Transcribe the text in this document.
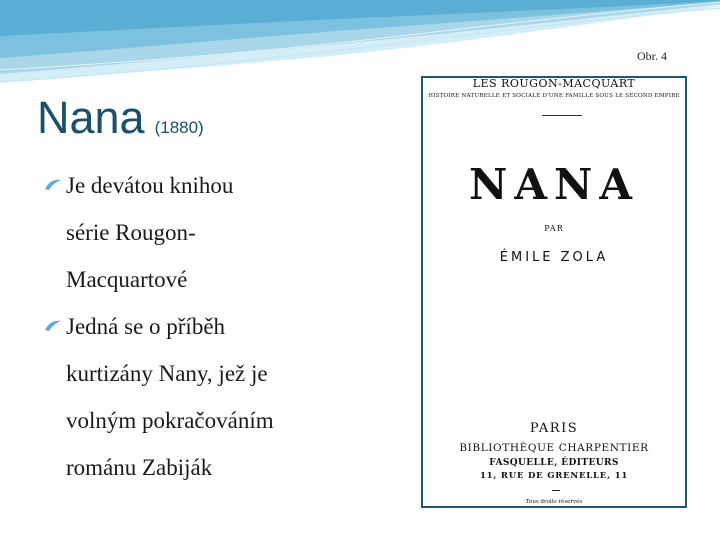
Obr. 4
Nana (1880)
Je devátou knihou
série Rougon-
Macquartové
Jedná se o příběh
kurtizány Nany, jež je
volným pokračováním
románu Zabiják
LES ROUGON-MACQUART
HISTOIRE NATURELLE ET SOCIALE D'UNE FAMILLE SOUS LE SECOND EMPIRE
NANA
PAR
ÉMILE ZOLA
PARIS
BIBLIOTHÈQUE CHARPENTIER
FASQUELLE, ÉDITEURS
11, RUE DE GRENELLE, 11
Tous droits réservés
